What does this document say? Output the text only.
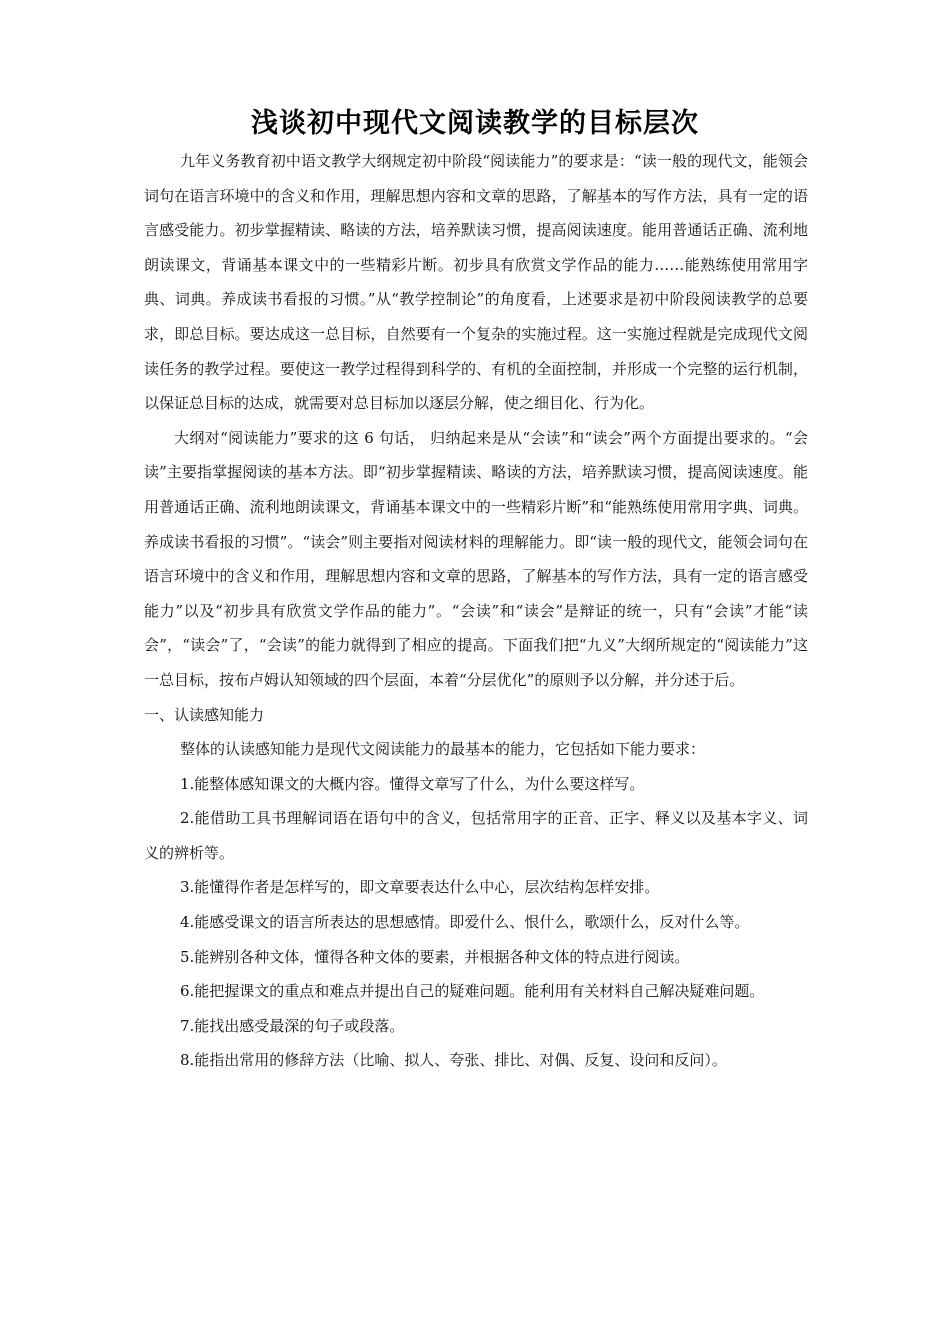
浅谈初中现代文阅读教学的目标层次

九年义务教育初中语文教学大纲规定初中阶段“阅读能力”的要求是：“读一般的现代文，能领会词句在语言环境中的含义和作用，理解思想内容和文章的思路，了解基本的写作方法，具有一定的语言感受能力。初步掌握精读、略读的方法，培养默读习惯，提高阅读速度。能用普通话正确、流利地朗读课文，背诵基本课文中的一些精彩片断。初步具有欣赏文学作品的能力……能熟练使用常用字典、词典。养成读书看报的习惯。”从“教学控制论”的角度看，上述要求是初中阶段阅读教学的总要求，即总目标。要达成这一总目标，自然要有一个复杂的实施过程。这一实施过程就是完成现代文阅读任务的教学过程。要使这一教学过程得到科学的、有机的全面控制，并形成一个完整的运行机制，以保证总目标的达成，就需要对总目标加以逐层分解，使之细目化、行为化。

大纲对“阅读能力”要求的这 6 句话， 归纳起来是从“会读”和“读会”两个方面提出要求的。“会读”主要指掌握阅读的基本方法。即“初步掌握精读、略读的方法，培养默读习惯，提高阅读速度。能用普通话正确、流利地朗读课文，背诵基本课文中的一些精彩片断”和“能熟练使用常用字典、词典。养成读书看报的习惯”。“读会”则主要指对阅读材料的理解能力。即“读一般的现代文，能领会词句在语言环境中的含义和作用，理解思想内容和文章的思路，了解基本的写作方法，具有一定的语言感受能力”以及“初步具有欣赏文学作品的能力”。“会读”和“读会”是辩证的统一，只有“会读”才能“读会”，“读会”了，“会读”的能力就得到了相应的提高。下面我们把“九义”大纲所规定的“阅读能力”这一总目标，按布卢姆认知领域的四个层面，本着“分层优化”的原则予以分解，并分述于后。

一、认读感知能力

整体的认读感知能力是现代文阅读能力的最基本的能力，它包括如下能力要求：

1.能整体感知课文的大概内容。懂得文章写了什么，为什么要这样写。

2.能借助工具书理解词语在语句中的含义，包括常用字的正音、正字、释义以及基本字义、词义的辨析等。

3.能懂得作者是怎样写的，即文章要表达什么中心，层次结构怎样安排。

4.能感受课文的语言所表达的思想感情。即爱什么、恨什么，歌颂什么，反对什么等。

5.能辨别各种文体，懂得各种文体的要素，并根据各种文体的特点进行阅读。

6.能把握课文的重点和难点并提出自己的疑难问题。能利用有关材料自己解决疑难问题。

7.能找出感受最深的句子或段落。

8.能指出常用的修辞方法（比喻、拟人、夸张、排比、对偶、反复、设问和反问）。
